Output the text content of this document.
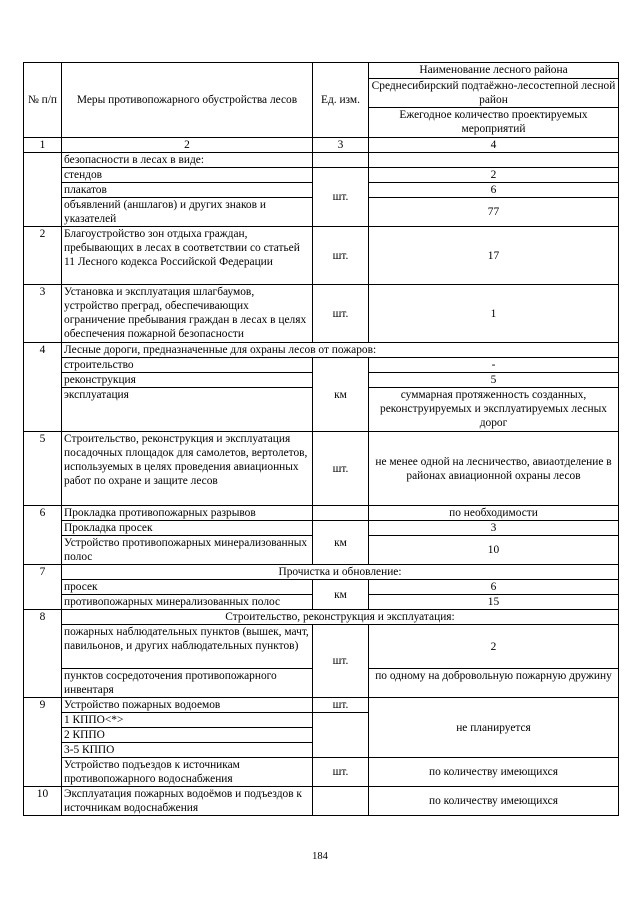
№ п/п	Меры противопожарного обустройства лесов	Ед. изм.	Наименование лесного района
			Среднесибирский подтаёжно-лесостепной лесной район
			Ежегодное количество проектируемых мероприятий

1	2	3	4
	безопасности в лесах в виде:		
	стендов	шт.	2
	плакатов		6
	объявлений (аншлагов) и других знаков и указателей		77
2	Благоустройство зон отдыха граждан, пребывающих в лесах в соответствии со статьей 11 Лесного кодекса Российской Федерации	шт.	17
3	Установка и эксплуатация шлагбаумов, устройство преград, обеспечивающих ограничение пребывания граждан в лесах в целях обеспечения пожарной безопасности	шт.	1
4	Лесные дороги, предназначенные для охраны лесов от пожаров:		
	строительство	км	-
	реконструкция		5
	эксплуатация		суммарная протяженность созданных, реконструируемых и эксплуатируемых лесных дорог
5	Строительство, реконструкция и эксплуатация посадочных площадок для самолетов, вертолетов, используемых в целях проведения авиационных работ по охране и защите лесов	шт.	не менее одной на лесничество, авиаотделение в районах авиационной охраны лесов
6	Прокладка противопожарных разрывов		по необходимости
	Прокладка просек	км	3
	Устройство противопожарных минерализованных полос		10
7	Прочистка и обновление:		
	просек	км	6
	противопожарных минерализованных полос		15
8	Строительство, реконструкция и эксплуатация:		
	пожарных наблюдательных пунктов (вышек, мачт, павильонов, и других наблюдательных пунктов)	шт.	2
	пунктов сосредоточения противопожарного инвентаря		по одному на добровольную пожарную дружину
9	Устройство пожарных водоемов	шт.	не планируется
	1 КППО<*>		
	2 КППО		
	3-5 КППО		
	Устройство подъездов к источникам противопожарного водоснабжения	шт.	по количеству имеющихся
10	Эксплуатация пожарных водоёмов и подъездов к источникам водоснабжения		по количеству имеющихся
184
